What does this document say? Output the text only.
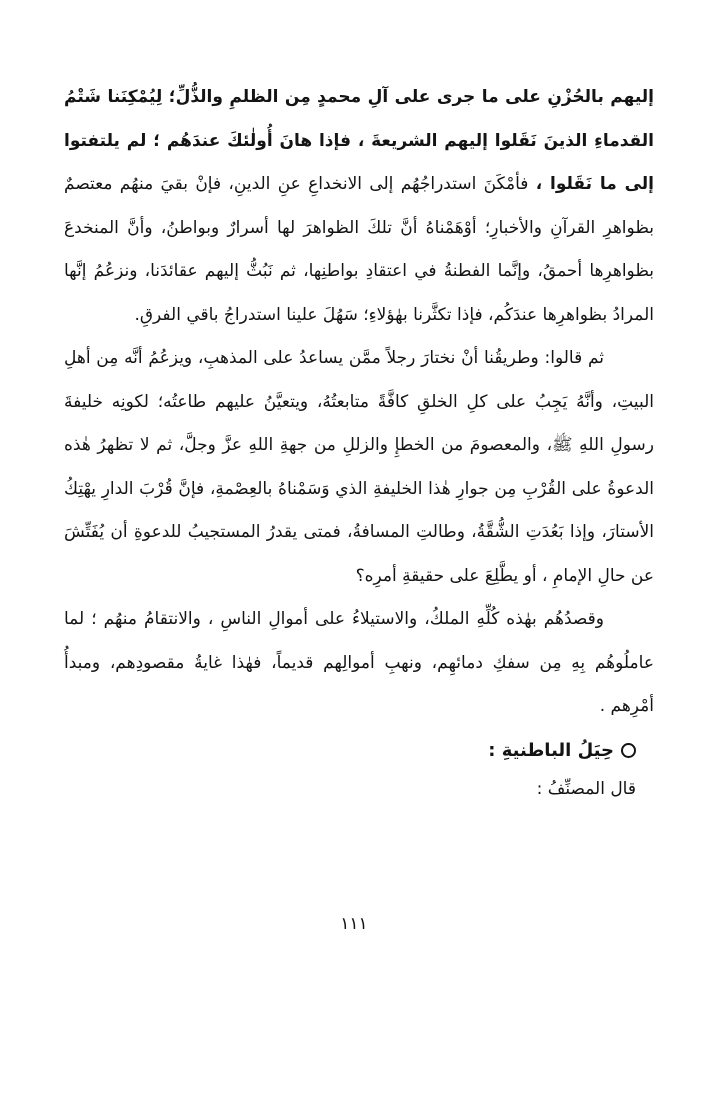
إليهم بالحُزْنِ على ما جرى على آلِ محمدٍ مِن الظلمِ والذُّلِّ؛ لِيُمْكِنَنا شَتْمُ القدماءِ الذينَ نَقَلوا إليهم الشريعةَ ، فإذا هانَ أُولٰئكَ عندَهُم ؛ لم يلتفتوا إلى ما نَقَلوا ، فأمْكَنَ استدراجُهُم إلى الانخداعِ عنِ الدينِ، فإنْ بقيَ منهُم معتصمٌ بظواهرِ القرآنِ والأخبارِ؛ أوْهَمْناهُ أنَّ تلكَ الظواهرَ لها أسرارٌ وبواطنُ، وأنَّ المنخدعَ بظواهرِها أحمقُ، وإنَّما الفطنةُ في اعتقادِ بواطنِها، ثم نَبُثُّ إليهم عقائدَنا، ونزعُمُ إنَّها المرادُ بظواهرِها عندَكُم، فإذا تكثَّرنا بهٰؤلاءِ؛ سَهُلَ علينا استدراجُ باقي الفرقِ.

ثم قالوا: وطريقُنا أنْ نختارَ رجلاً ممَّن يساعدُ على المذهبِ، ويزعُمُ أنَّه مِن أهلِ البيتِ، وأنَّهُ يَجِبُ على كلِ الخلقِ كافَّةً متابعتُهُ، ويتعيَّنُ عليهم طاعتُه؛ لكونِه خليفةَ رسولِ اللهِ ﷺ، والمعصومَ من الخطإِ والزللِ من جهةِ اللهِ عزَّ وجلَّ، ثم لا تظهرُ هٰذه الدعوةُ على القُرْبِ مِن جوارِ هٰذا الخليفةِ الذي وَسَمْناهُ بالعِصْمةِ، فإنَّ قُرْبَ الدارِ يهْتِكُ الأستارَ، وإذا بَعُدَتِ الشُّقَّةُ، وطالتِ المسافةُ، فمتى يقدرُ المستجيبُ للدعوةِ أن يُفَتِّشَ عن حالِ الإمامِ ، أو يطَّلِعَ على حقيقةِ أمرِه؟

وقصدُهُم بهٰذه كُلِّهِ الملكُ، والاستيلاءُ على أموالِ الناسِ ، والانتقامُ منهُم ؛ لما عاملُوهُم بِهِ مِن سفكِ دمائهِم، ونهبِ أموالِهم قديماً، فهٰذا غايةُ مقصودِهم، ومبدأُ أمْرِهم .

حِيَلُ الباطنيةِ :

قال المصنِّفُ :

١١١
